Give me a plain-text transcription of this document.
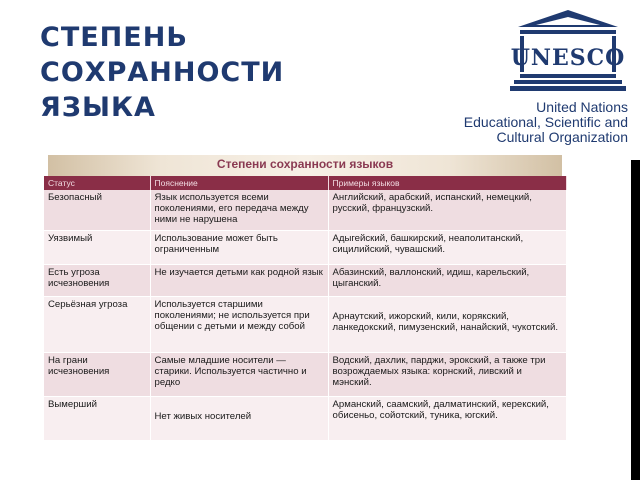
СТЕПЕНЬ
СОХРАННОСТИ
ЯЗЫКА
UNESCO
United Nations
Educational, Scientific and
Cultural Organization
Степени сохранности языков
Статус	Пояснение	Примеры языков
Безопасный	Язык используется всеми поколениями, его передача между ними не нарушена	Английский, арабский, испанский, немецкий, русский, французский.
Уязвимый	Использование может быть ограниченным	Адыгейский, башкирский, неаполитанский, сицилийский, чувашский.
Есть угроза исчезновения	Не изучается детьми как родной язык	Абазинский, валлонский, идиш, карельский, цыганский.
Серьёзная угроза	Используется старшими поколениями; не используется при общении с детьми и между собой	Арнаутский, ижорский, кили, корякский, ланкедокский, пимузенский, нанайский, чукотский.
На грани исчезновения	Самые младшие носители — старики. Используется частично и редко	Водский, дахлик, парджи, эрокский, а также три возрождаемых языка: корнский, ливский и мэнский.
Вымерший	Нет живых носителей	Арманский, саамский, далматинский, керекский, обисеньо, сойотский, туника, югский.
